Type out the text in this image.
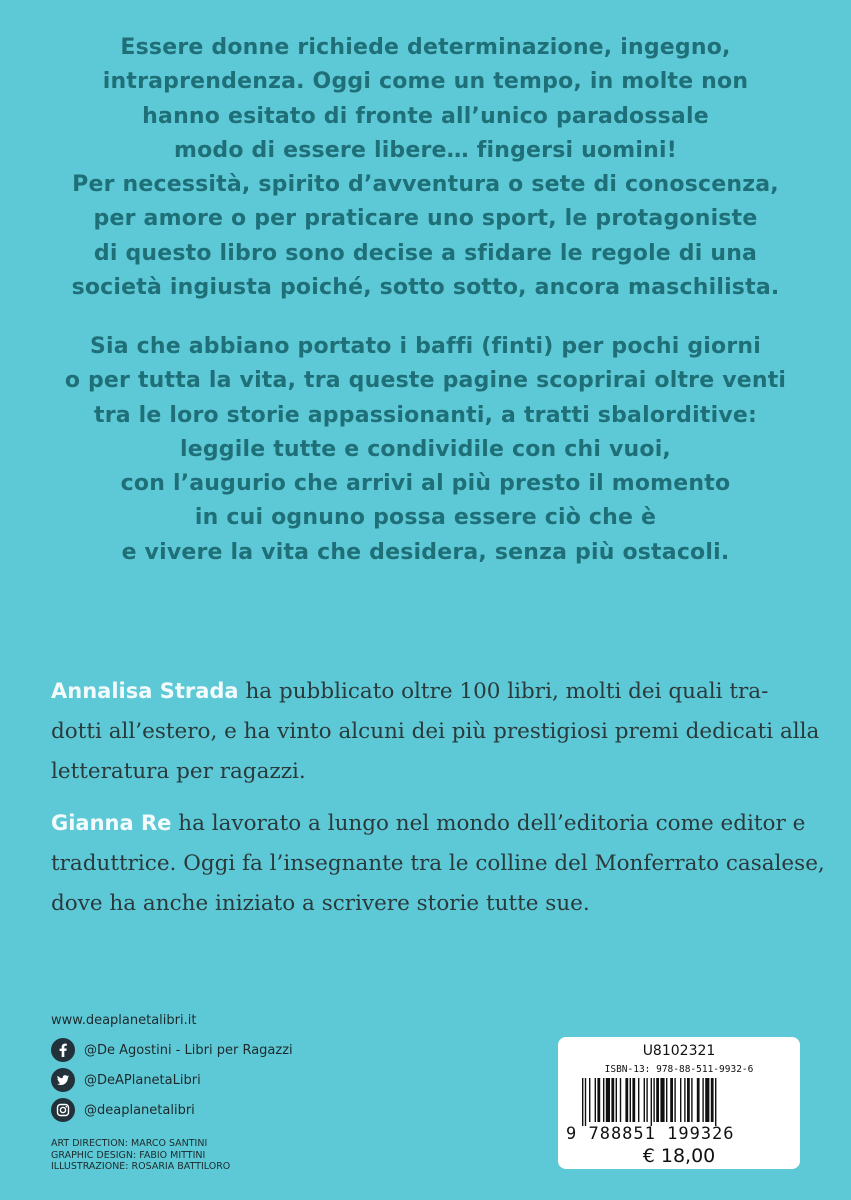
Essere donne richiede determinazione, ingegno,
intraprendenza. Oggi come un tempo, in molte non
hanno esitato di fronte all’unico paradossale
modo di essere libere… fingersi uomini!
Per necessità, spirito d’avventura o sete di conoscenza,
per amore o per praticare uno sport, le protagoniste
di questo libro sono decise a sfidare le regole di una
società ingiusta poiché, sotto sotto, ancora maschilista.
Sia che abbiano portato i baffi (finti) per pochi giorni
o per tutta la vita, tra queste pagine scoprirai oltre venti
tra le loro storie appassionanti, a tratti sbalorditive:
leggile tutte e condividile con chi vuoi,
con l’augurio che arrivi al più presto il momento
in cui ognuno possa essere ciò che è
e vivere la vita che desidera, senza più ostacoli.
Annalisa Strada ha pubblicato oltre 100 libri, molti dei quali tra-
dotti all’estero, e ha vinto alcuni dei più prestigiosi premi dedicati alla
letteratura per ragazzi.
Gianna Re ha lavorato a lungo nel mondo dell’editoria come editor e
traduttrice. Oggi fa l’insegnante tra le colline del Monferrato casalese,
dove ha anche iniziato a scrivere storie tutte sue.
www.deaplanetalibri.it
@De Agostini - Libri per Ragazzi
@DeAPlanetaLibri
@deaplanetalibri
ART DIRECTION: MARCO SANTINI
GRAPHIC DESIGN: FABIO MITTINI
ILLUSTRAZIONE: ROSARIA BATTILORO
U8102321
ISBN-13: 978-88-511-9932-6
9 788851 199326
€ 18,00
